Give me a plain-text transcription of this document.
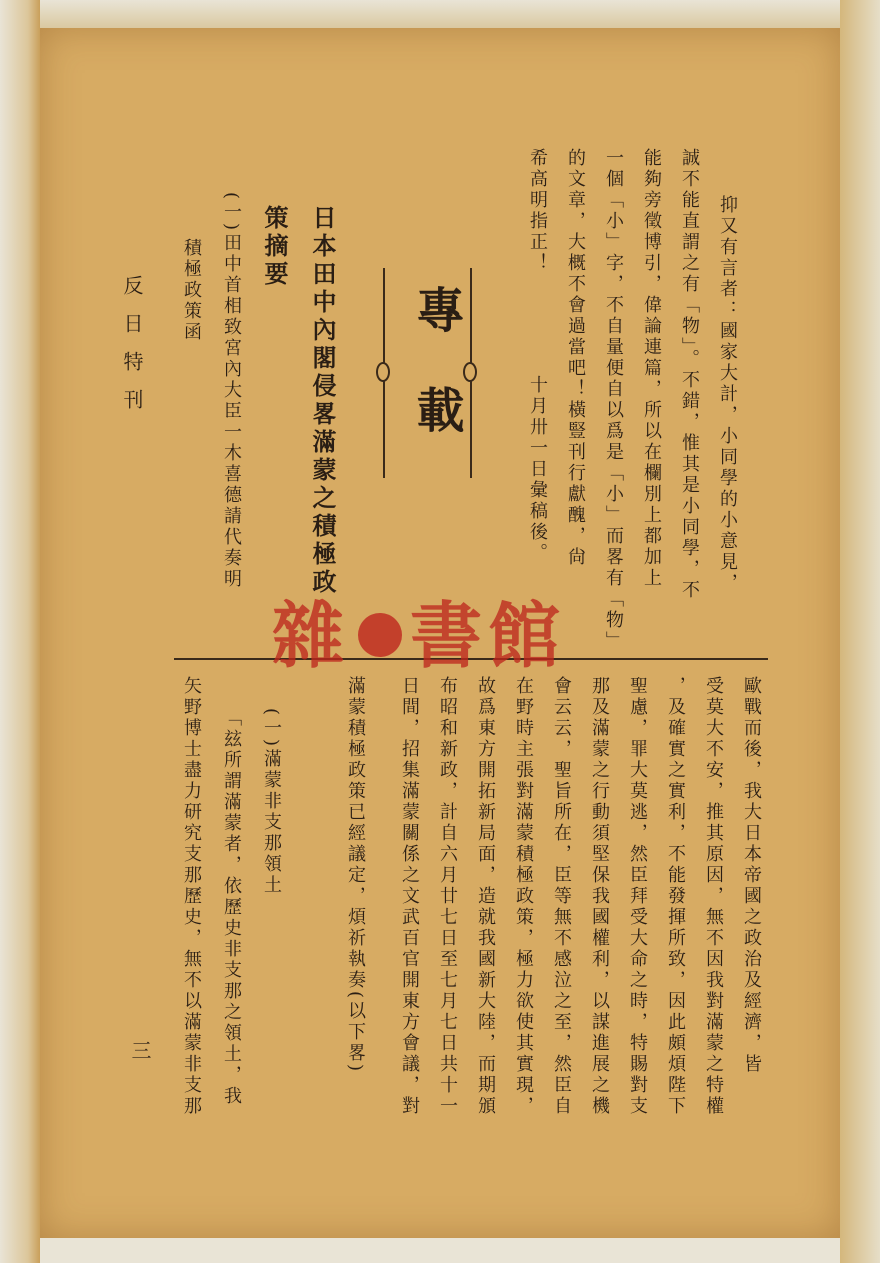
反日特刊
三
抑又有言者：國家大計，小同學的小意見，
誠不能直謂之有「物」。不錯，惟其是小同學，不
能夠旁徵博引，偉論連篇，所以在欄別上都加上
一個「小」字，不自量便自以爲是「小」而畧有「物」
的文章，大概不會過當吧！橫豎刊行獻醜，尙
希高明指正！
十月卅一日彙稿後。
專載
日本田中內閣侵畧滿蒙之積極政
策摘要
(一)田中首相致宮內大臣一木喜德請代奏明
積極政策函
歐戰而後，我大日本帝國之政治及經濟，皆
受莫大不安，推其原因，無不因我對滿蒙之特權
，及確實之實利，不能發揮所致，因此頗煩陛下
聖慮，罪大莫逃，然臣拜受大命之時，特賜對支
那及滿蒙之行動須堅保我國權利，以謀進展之機
會云云，聖旨所在，臣等無不感泣之至，然臣自
在野時主張對滿蒙積極政策，極力欲使其實現，
故爲東方開拓新局面，造就我國新大陸，而期頒
布昭和新政，計自六月廿七日至七月七日共十一
日間，招集滿蒙關係之文武百官開東方會議，對
滿蒙積極政策已經議定，煩祈執奏(以下畧)
(一)滿蒙非支那領土
「玆所謂滿蒙者，依歷史非支那之領土，我
矢野博士盡力研究支那歷史，無不以滿蒙非支那
雜 書館
